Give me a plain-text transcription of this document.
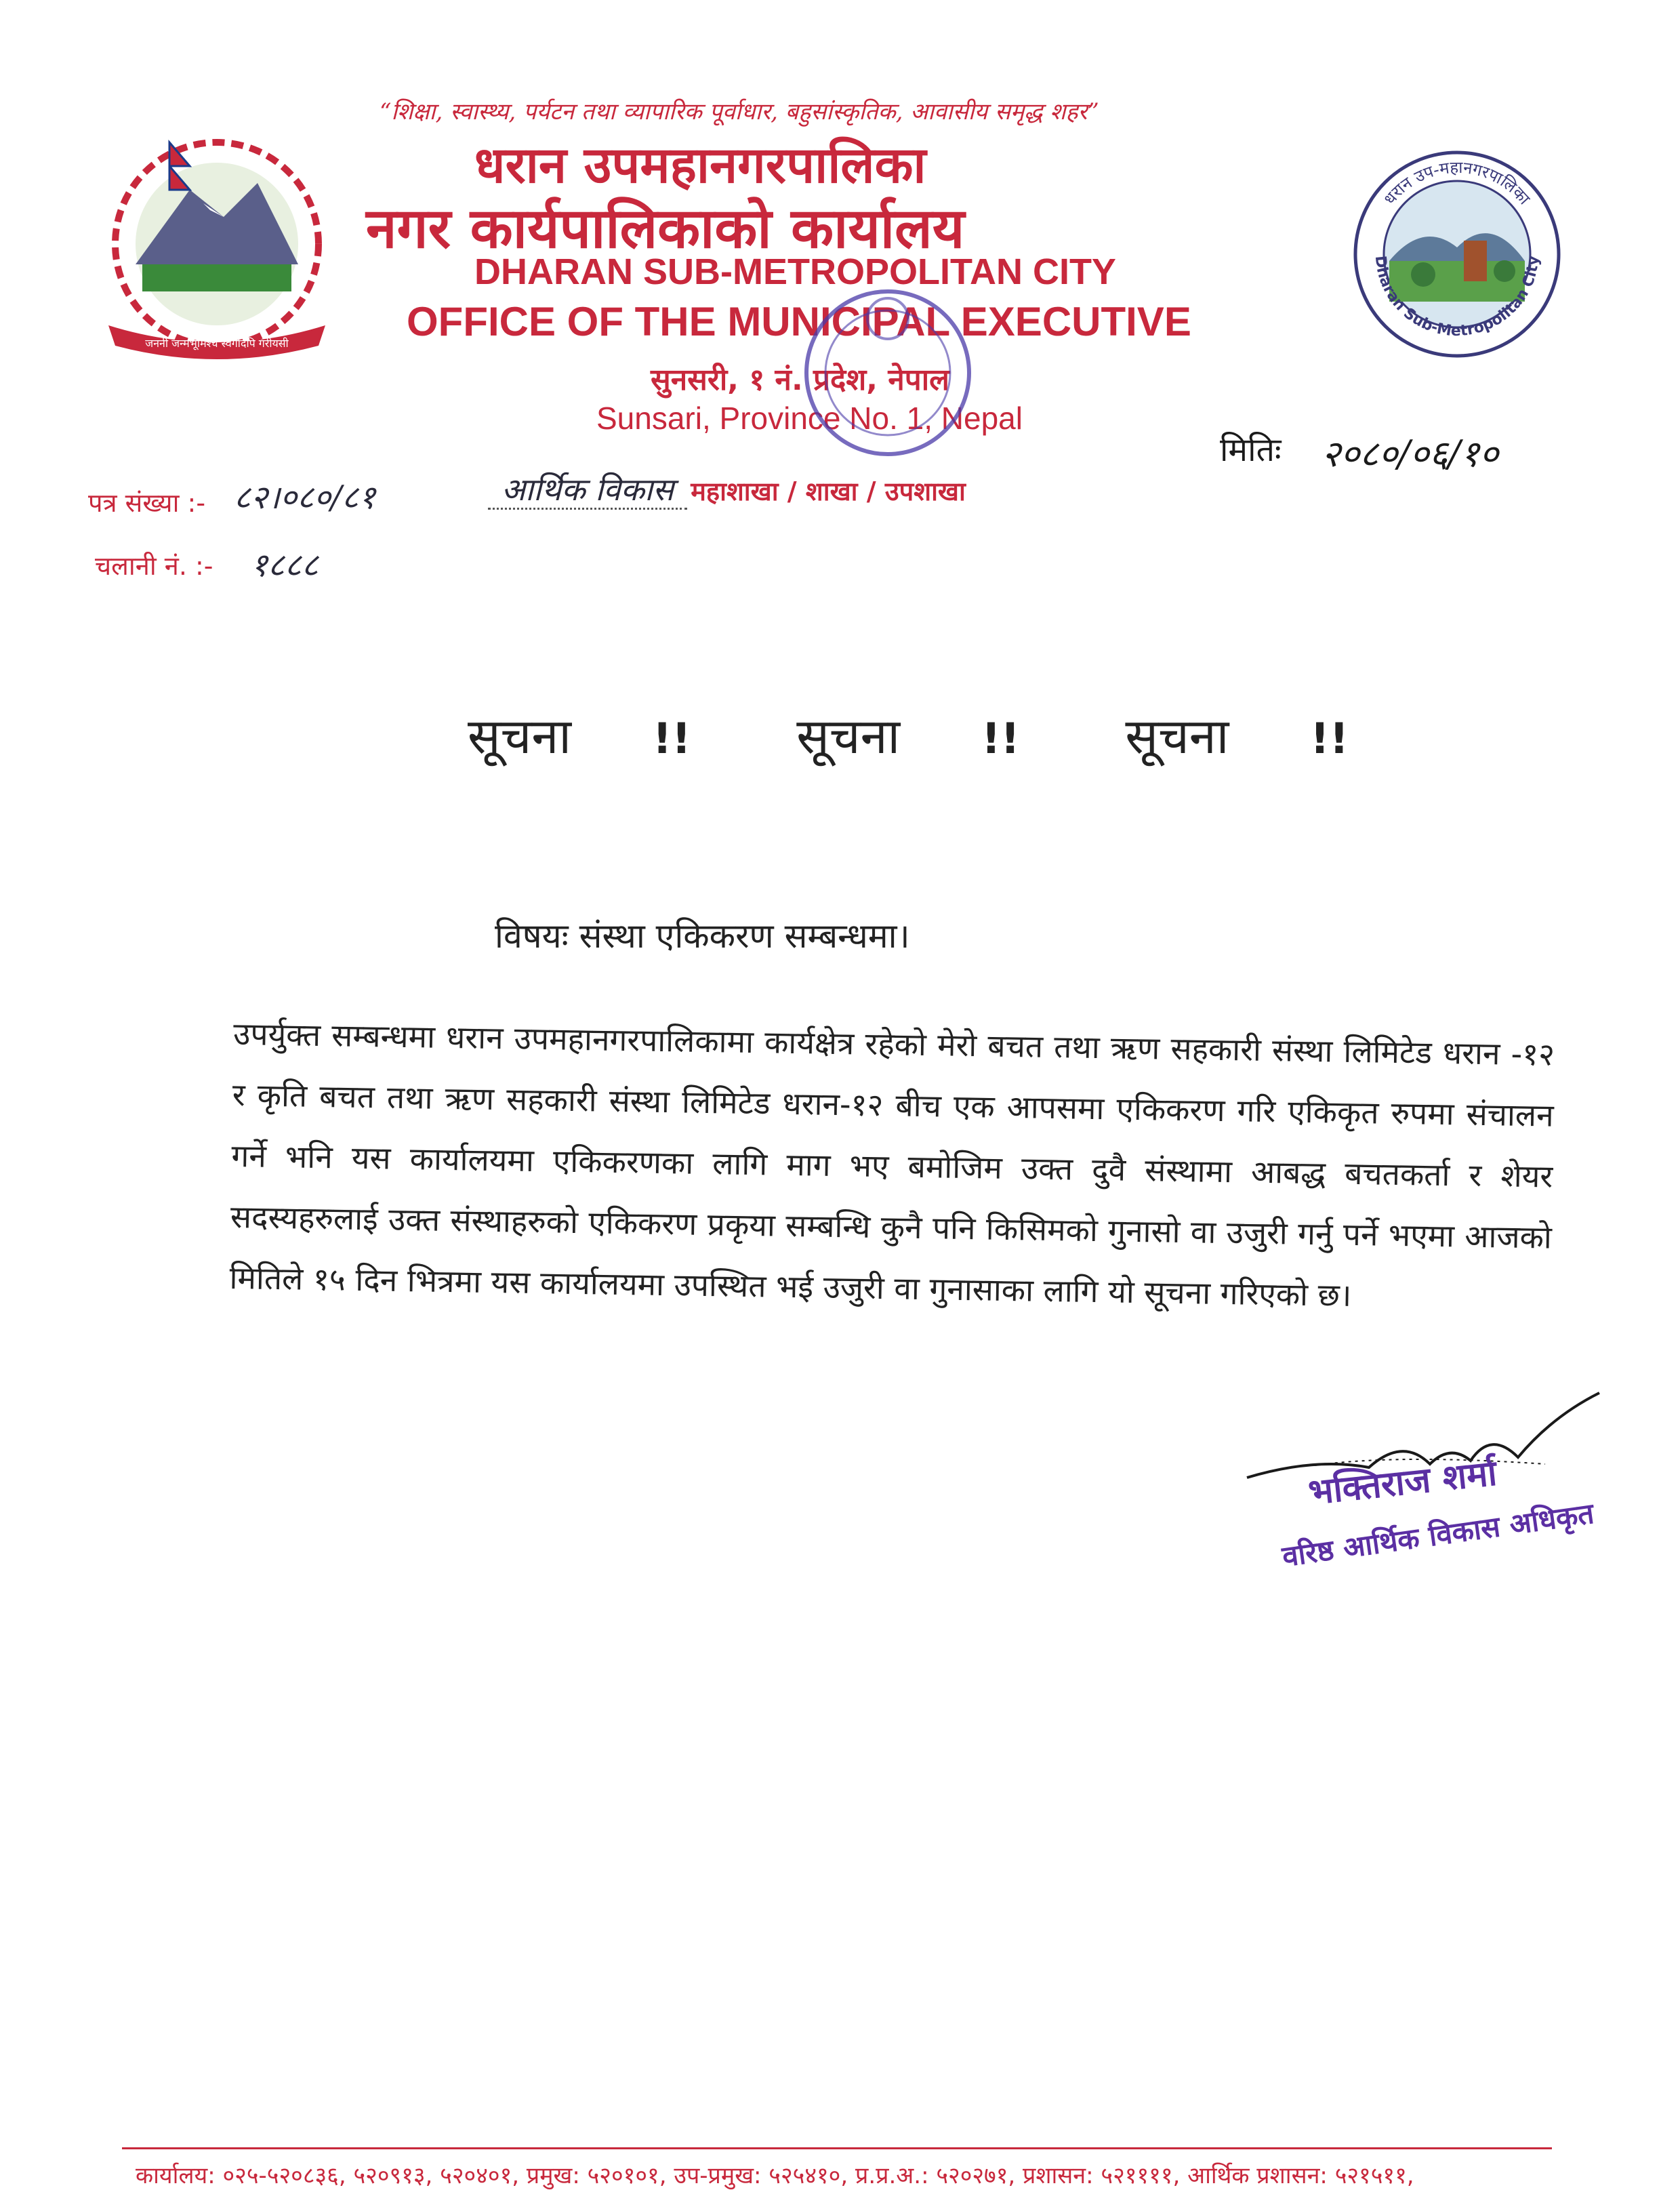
जननी जन्मभूमिश्च स्वर्गादपि गरीयसी
धरान उप-महानगरपालिका
Dharan Sub-Metropolitan City
“शिक्षा, स्वास्थ्य, पर्यटन तथा व्यापारिक पूर्वाधार, बहुसांस्कृतिक, आवासीय समृद्ध शहर”
धरान उपमहानगरपालिका
नगर कार्यपालिकाको कार्यालय
DHARAN SUB-METROPOLITAN CITY
OFFICE OF THE MUNICIPAL EXECUTIVE
सुनसरी, १ नं. प्रदेश, नेपाल
Sunsari, Province No. 1, Nepal
पत्र संख्या :- ८२।०८०/८१
चलानी नं. :- १८८८
आर्थिक विकास महाशाखा / शाखा / उपशाखा
मितिः २०८०/०६/१०
सूचना !! सूचना !! सूचना !!
विषयः संस्था एकिकरण सम्बन्धमा।
उपर्युक्त सम्बन्धमा धरान उपमहानगरपालिकामा कार्यक्षेत्र रहेको मेरो बचत तथा ऋण सहकारी संस्था लिमिटेड धरान -१२ र कृति बचत तथा ऋण सहकारी संस्था लिमिटेड धरान-१२ बीच एक आपसमा एकिकरण गरि एकिकृत रुपमा संचालन गर्ने भनि यस कार्यालयमा एकिकरणका लागि माग भए बमोजिम उक्त दुवै संस्थामा आबद्ध बचतकर्ता र शेयर सदस्यहरुलाई उक्त संस्थाहरुको एकिकरण प्रकृया सम्बन्धि कुनै पनि किसिमको गुनासो वा उजुरी गर्नु पर्ने भएमा आजको मितिले १५ दिन भित्रमा यस कार्यालयमा उपस्थित भई उजुरी वा गुनासाका लागि यो सूचना गरिएको छ।
भक्तिराज शर्मा
वरिष्ठ आर्थिक विकास अधिकृत
कार्यालय: ०२५-५२०८३६, ५२०९१३, ५२०४०१, प्रमुख: ५२०१०१, उप-प्रमुख: ५२५४१०, प्र.प्र.अ.: ५२०२७१, प्रशासन: ५२११११, आर्थिक प्रशासन: ५२१५११,
